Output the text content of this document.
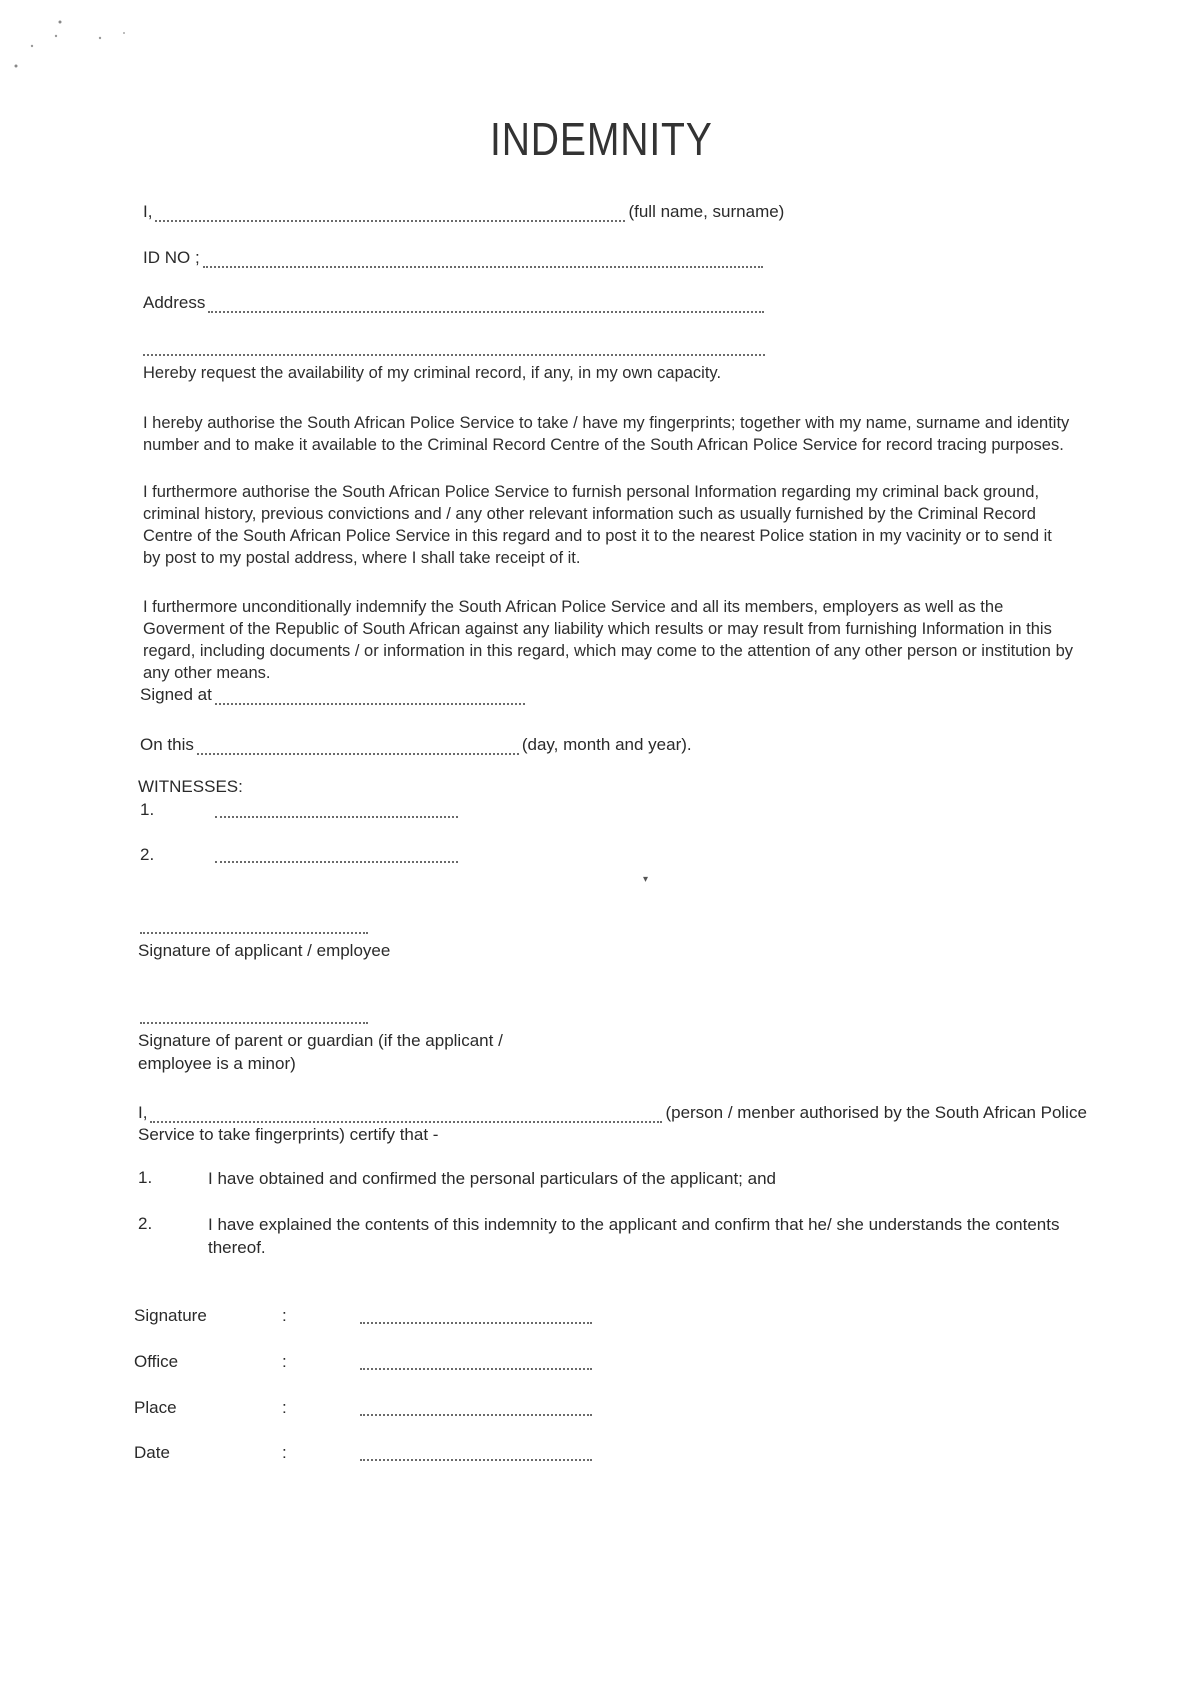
INDEMNITY
I,	(full name, surname)
ID NO ;
Address

Hereby request the availability of my criminal record, if any, in my own capacity.

I hereby authorise the South African Police Service to take / have my fingerprints; together with my name, surname and identity number and to make it available to the Criminal Record Centre of the South African Police Service for record tracing purposes.

I furthermore authorise the South African Police Service to furnish personal Information regarding my criminal back ground, criminal history, previous convictions and / any other relevant information such as usually furnished by the Criminal Record Centre of the South African Police Service in this regard and to post it to the nearest Police station in my vacinity or to send it by post to my postal address, where I shall take receipt of it.

I furthermore unconditionally indemnify the South African Police Service and all its members, employers as well as the Goverment of the Republic of South African against any liability which results or may result from furnishing Information in this regard, including documents / or information in this regard, which may come to the attention of any other person or institution by any other means.

Signed at
On this	(day, month and year).
WITNESSES:
1.
2.
▾
Signature of applicant / employee
Signature of parent or guardian (if the applicant /
employee is a minor)
I,	(person / menber authorised by the South African Police
Service to take fingerprints) certify that -
1.	I have obtained and confirmed the personal particulars of the applicant; and
2.	I have explained the contents of this indemnity to the applicant and confirm that he/ she understands the contents
thereof.
Signature	:
Office	:
Place	:
Date	:
